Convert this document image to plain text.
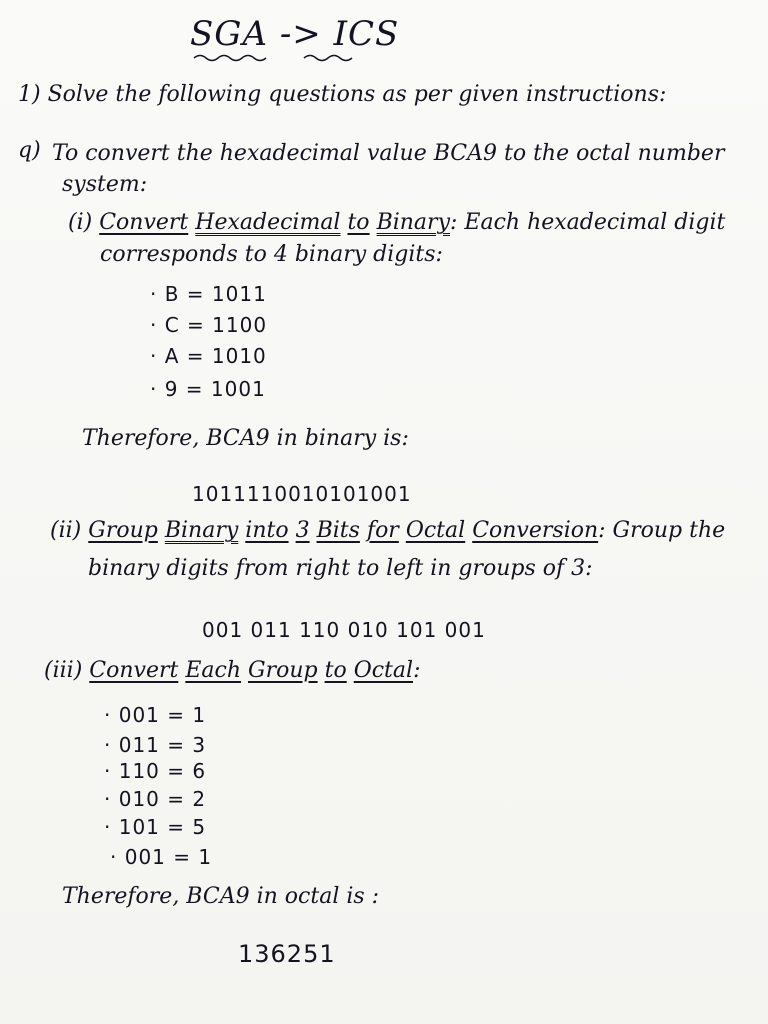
SGA -> ICS
1) Solve the following questions as per given instructions:
q) To convert the hexadecimal value BCA9 to the octal number
system:
(i) Convert Hexadecimal to Binary: Each hexadecimal digit
corresponds to 4 binary digits:
· B = 1011
· C = 1100
· A = 1010
· 9 = 1001
Therefore, BCA9 in binary is:
1011110010101001
(ii) Group Binary into 3 Bits for Octal Conversion: Group the
binary digits from right to left in groups of 3:
001 011 110 010 101 001
(iii) Convert Each Group to Octal:
· 001 = 1
· 011 = 3
· 110 = 6
· 010 = 2
· 101 = 5
· 001 = 1
Therefore, BCA9 in octal is :
136251
